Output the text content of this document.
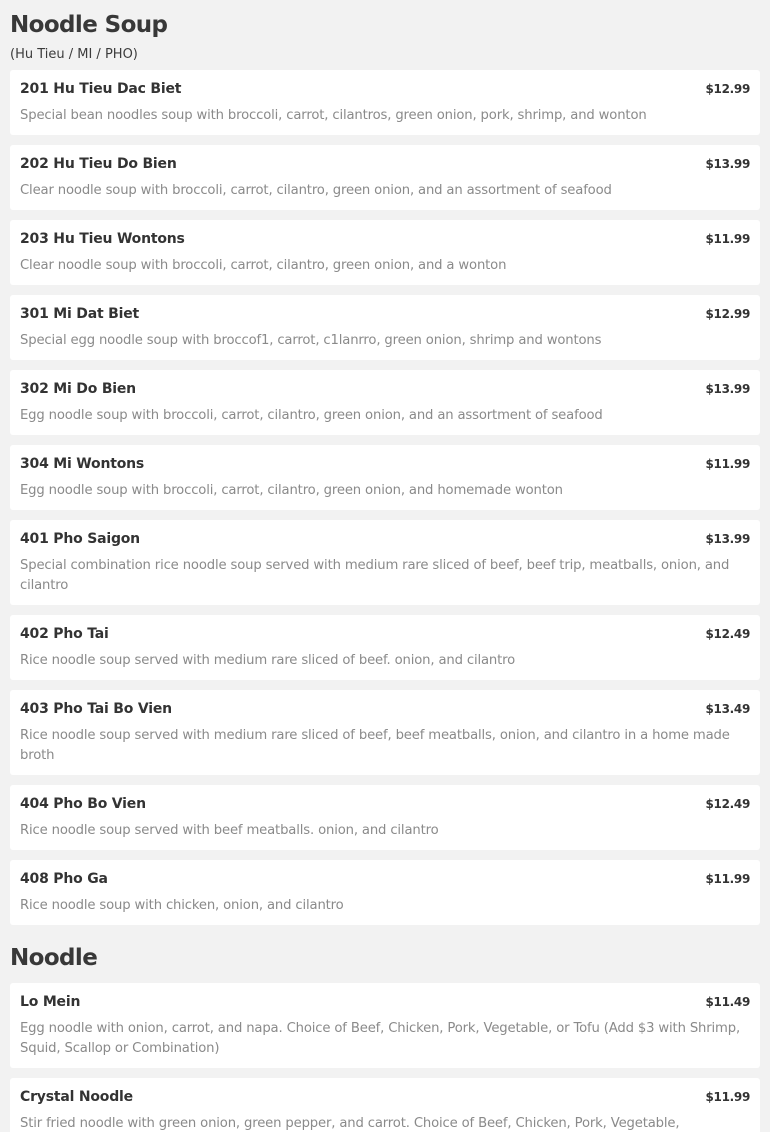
Noodle Soup
(Hu Tieu / MI / PHO)
201 Hu Tieu Dac Biet	$12.99
Special bean noodles soup with broccoli, carrot, cilantros, green onion, pork, shrimp, and wonton
202 Hu Tieu Do Bien	$13.99
Clear noodle soup with broccoli, carrot, cilantro, green onion, and an assortment of seafood
203 Hu Tieu Wontons	$11.99
Clear noodle soup with broccoli, carrot, cilantro, green onion, and a wonton
301 Mi Dat Biet	$12.99
Special egg noodle soup with broccof1, carrot, c1lanrro, green onion, shrimp and wontons
302 Mi Do Bien	$13.99
Egg noodle soup with broccoli, carrot, cilantro, green onion, and an assortment of seafood
304 Mi Wontons	$11.99
Egg noodle soup with broccoli, carrot, cilantro, green onion, and homemade wonton
401 Pho Saigon	$13.99
Special combination rice noodle soup served with medium rare sliced of beef, beef trip, meatballs, onion, and cilantro
402 Pho Tai	$12.49
Rice noodle soup served with medium rare sliced of beef. onion, and cilantro
403 Pho Tai Bo Vien	$13.49
Rice noodle soup served with medium rare sliced of beef, beef meatballs, onion, and cilantro in a home made broth
404 Pho Bo Vien	$12.49
Rice noodle soup served with beef meatballs. onion, and cilantro
408 Pho Ga	$11.99
Rice noodle soup with chicken, onion, and cilantro
Noodle
Lo Mein	$11.49
Egg noodle with onion, carrot, and napa. Choice of Beef, Chicken, Pork, Vegetable, or Tofu (Add $3 with Shrimp, Squid, Scallop or Combination)
Crystal Noodle	$11.99
Stir fried noodle with green onion, green pepper, and carrot. Choice of Beef, Chicken, Pork, Vegetable,
